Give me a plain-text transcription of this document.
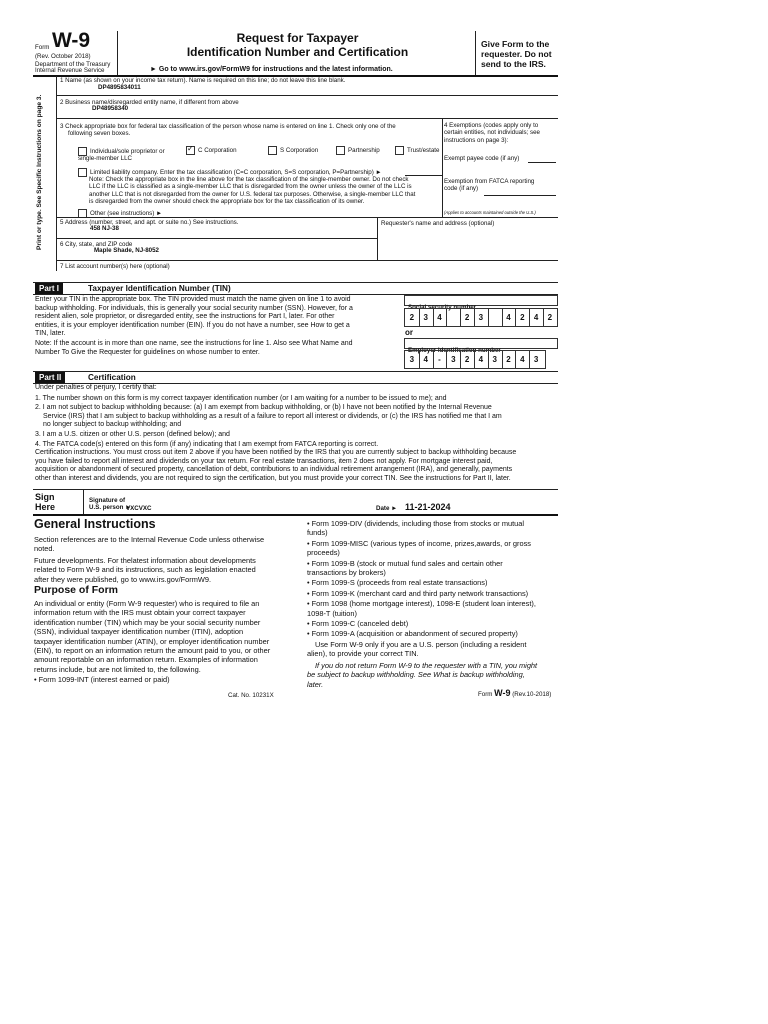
Form W-9
(Rev. October 2018)
Department of the Treasury
Internal Revenue Service
Request for Taxpayer
Identification Number and Certification
► Go to www.irs.gov/FormW9 for instructions and the latest information.
Give Form to the
requester. Do not
send to the IRS.
Print or type. See Specific Instructions on page 3.
1 Name (as shown on your income tax return). Name is required on this line; do not leave this line blank.
DP4895834011
2 Business name/disregarded entity name, if different from above
DP48958340
3 Check appropriate box for federal tax classification of the person whose name is entered on line 1. Check only one of the
following seven boxes.
Individual/sole proprietor or
single-member LLC
✓ C Corporation	S Corporation	Partnership	Trust/estate
Limited liability company. Enter the tax classification (C=C corporation, S=S corporation, P=Partnership) ►
Note: Check the appropriate box in the line above for the tax classification of the single-member owner. Do not check
LLC if the LLC is classified as a single-member LLC that is disregarded from the owner unless the owner of the LLC is
another LLC that is not disregarded from the owner for U.S. federal tax purposes. Otherwise, a single-member LLC that
is disregarded from the owner should check the appropriate box for the tax classification of its owner.
Other (see instructions) ►
4 Exemptions (codes apply only to
certain entities, not individuals; see
instructions on page 3):
Exempt payee code (if any)
Exemption from FATCA reporting
code (if any)
(Applies to accounts maintained outside the U.S.)
5 Address (number, street, and apt. or suite no.) See instructions.
458 NJ-38
Requester's name and address (optional)
6 City, state, and ZIP code
Maple Shade, NJ-8052
7 List account number(s) here (optional)
Part I	Taxpayer Identification Number (TIN)
Enter your TIN in the appropriate box. The TIN provided must match the name given on line 1 to avoid
backup withholding. For individuals, this is generally your social security number (SSN). However, for a
resident alien, sole proprietor, or disregarded entity, see the instructions for Part I, later. For other
entities, it is your employer identification number (EIN). If you do not have a number, see How to get a
TIN, later.
Note: If the account is in more than one name, see the instructions for line 1. Also see What Name and
Number To Give the Requester for guidelines on whose number to enter.
Social security number
2	3	4	2	3	4	2	4	2
or
Employer identification number
3	4	-	3	2	4	3	2	4	3
Part II	Certification
Under penalties of perjury, I certify that:
1. The number shown on this form is my correct taxpayer identification number (or I am waiting for a number to be issued to me); and
2. I am not subject to backup withholding because: (a) I am exempt from backup withholding, or (b) I have not been notified by the Internal Revenue
Service (IRS) that I am subject to backup withholding as a result of a failure to report all interest or dividends, or (c) the IRS has notified me that I am
no longer subject to backup withholding; and
3. I am a U.S. citizen or other U.S. person (defined below); and
4. The FATCA code(s) entered on this form (if any) indicating that I am exempt from FATCA reporting is correct.
Certification instructions. You must cross out item 2 above if you have been notified by the IRS that you are currently subject to backup withholding because
you have failed to report all interest and dividends on your tax return. For real estate transactions, item 2 does not apply. For mortgage interest paid,
acquisition or abandonment of secured property, cancellation of debt, contributions to an individual retirement arrangement (IRA), and generally, payments
other than interest and dividends, you are not required to sign the certification, but you must provide your correct TIN. See the instructions for Part II, later.
Sign
Here
Signature of
U.S. person ►
VXCVXC	Date ► 11-21-2024
General Instructions
Section references are to the Internal Revenue Code unless otherwise
noted.
Future developments. For thelatest information about developments
related to Form W-9 and its instructions, such as legislation enacted
after they were published, go to www.irs.gov/FormW9.
Purpose of Form
An individual or entity (Form W-9 requester) who is required to file an
information return with the IRS must obtain your correct taxpayer
identification number (TIN) which may be your social security number
(SSN), individual taxpayer identification number (ITIN), adoption
taxpayer identification number (ATIN), or employer identification number
(EIN), to report on an information return the amount paid to you, or other
amount reportable on an information return. Examples of information
returns include, but are not limited to, the following.
• Form 1099-INT (interest earned or paid)
• Form 1099-DIV (dividends, including those from stocks or mutual
funds)
• Form 1099-MISC (various types of income, prizes,awards, or gross
proceeds)
• Form 1099-B (stock or mutual fund sales and certain other
transactions by brokers)
• Form 1099-S (proceeds from real estate transactions)
• Form 1099-K (merchant card and third party network transactions)
• Form 1098 (home mortgage interest), 1098-E (student loan interest),
1098-T (tuition)
• Form 1099-C (canceled debt)
• Form 1099-A (acquisition or abandonment of secured property)
Use Form W-9 only if you are a U.S. person (including a resident
alien), to provide your correct TIN.
If you do not return Form W-9 to the requester with a TIN, you might
be subject to backup withholding. See What is backup withholding,
later.
Cat. No. 10231X	Form W-9 (Rev.10-2018)
